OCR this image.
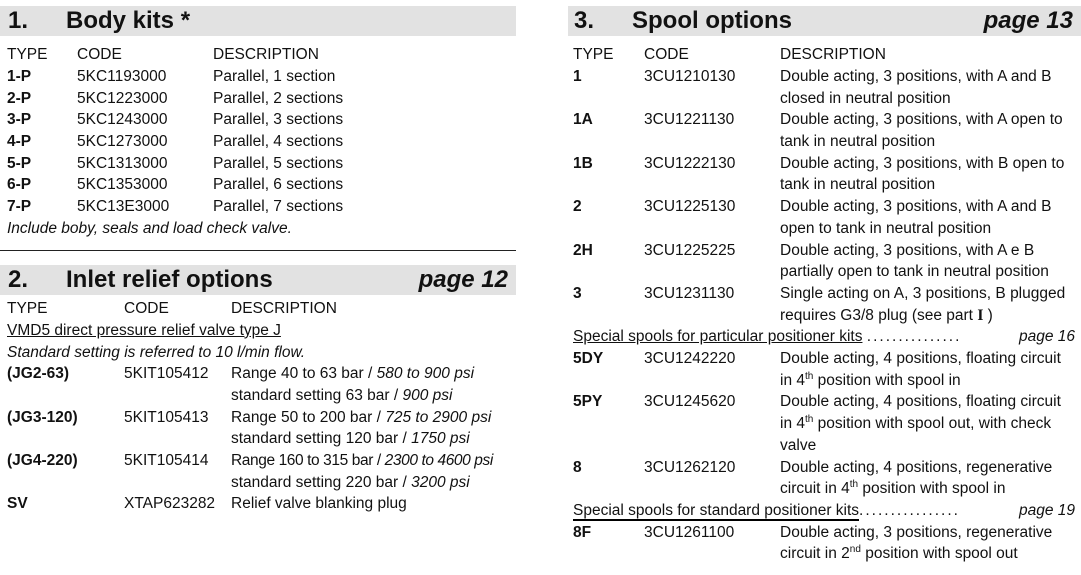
1. Body kits *
TYPE CODE	DESCRIPTION
1-P	5KC1193000	Parallel, 1 section
2-P	5KC1223000	Parallel, 2 sections
3-P	5KC1243000	Parallel, 3 sections
4-P	5KC1273000	Parallel, 4 sections
5-P	5KC1313000	Parallel, 5 sections
6-P	5KC1353000	Parallel, 6 sections
7-P	5KC13E3000	Parallel, 7 sections
Include boby, seals and load check valve.
2. Inlet relief options	page 12
TYPE	CODE	DESCRIPTION
VMD5 direct pressure relief valve type J
Standard setting is referred to 10 l/min flow.
(JG2-63)	5KIT105412 Range 40 to 63 bar / 580 to 900 psi
standard setting 63 bar / 900 psi
(JG3-120)	5KIT105413 Range 50 to 200 bar / 725 to 2900 psi
standard setting 120 bar / 1750 psi
(JG4-220)	5KIT105414 Range 160 to 315 bar / 2300 to 4600 psi
standard setting 220 bar / 3200 psi
SV	XTAP623282 Relief valve blanking plug
3. Spool options	page 13
TYPE CODE	DESCRIPTION
1	3CU1210130	Double acting, 3 positions, with A and B
closed in neutral position
1A	3CU1221130	Double acting, 3 positions, with A open to
tank in neutral position
1B	3CU1222130	Double acting, 3 positions, with B open to
tank in neutral position
2	3CU1225130	Double acting, 3 positions, with A and B
open to tank in neutral position
2H	3CU1225225	Double acting, 3 positions, with A e B
partially open to tank in neutral position
3	3CU1231130	Single acting on A, 3 positions, B plugged
requires G3/8 plug (see part I )
Special spools for particular positioner kits ...............	page 16
5DY	3CU1242220	Double acting, 4 positions, floating circuit
in 4th position with spool in
5PY	3CU1245620	Double acting, 4 positions, floating circuit
in 4th position with spool out, with check
valve
8	3CU1262120	Double acting, 4 positions, regenerative
circuit in 4th position with spool in
Special spools for standard positioner kits................	page 19
8F	3CU1261100	Double acting, 3 positions, regenerative
circuit in 2nd position with spool out
